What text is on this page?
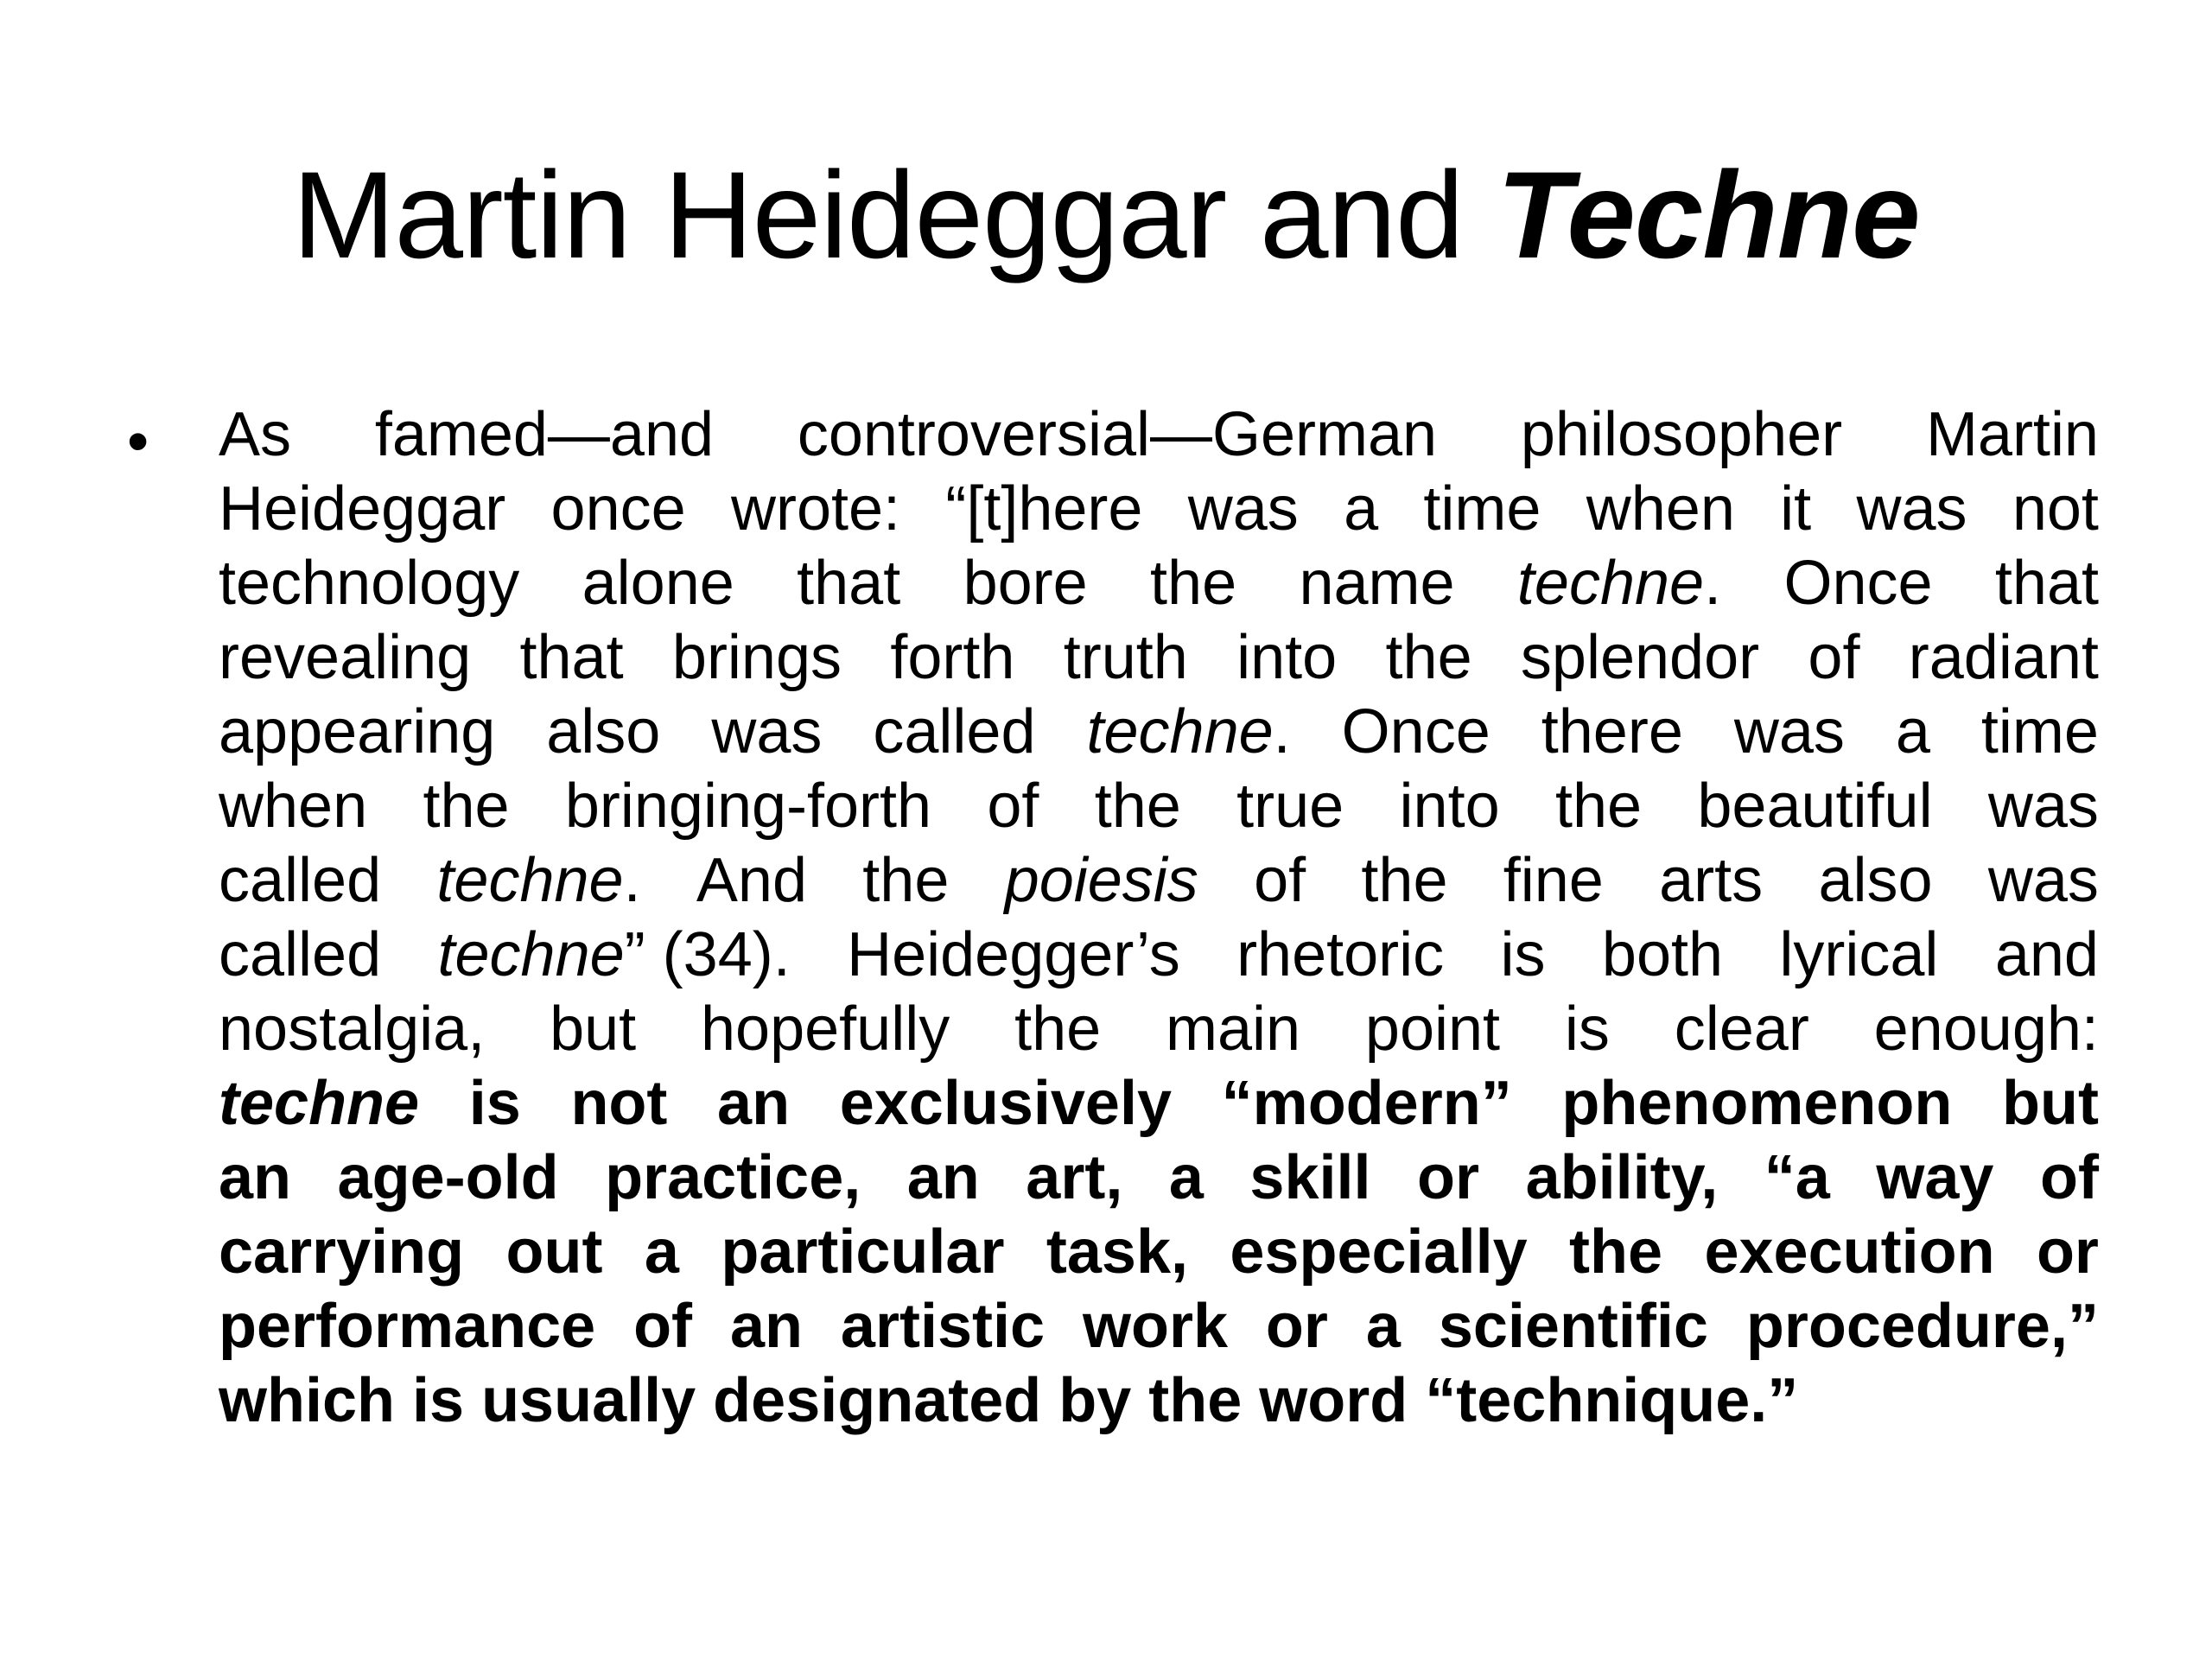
Martin Heideggar and Techne
• As famed—and controversial—German philosopher Martin
Heideggar once wrote: “[t]here was a time when it was not
technology alone that bore the name techne. Once that
revealing that brings forth truth into the splendor of radiant
appearing also was called techne. Once there was a time
when the bringing-forth of the true into the beautiful was
called techne. And the poiesis of the fine arts also was
called techne” (34). Heidegger’s rhetoric is both lyrical and
nostalgia, but hopefully the main point is clear enough:
techne is not an exclusively “modern” phenomenon but
an age-old practice, an art, a skill or ability, “a way of
carrying out a particular task, especially the execution or
performance of an artistic work or a scientific procedure,”
which is usually designated by the word “technique.”
